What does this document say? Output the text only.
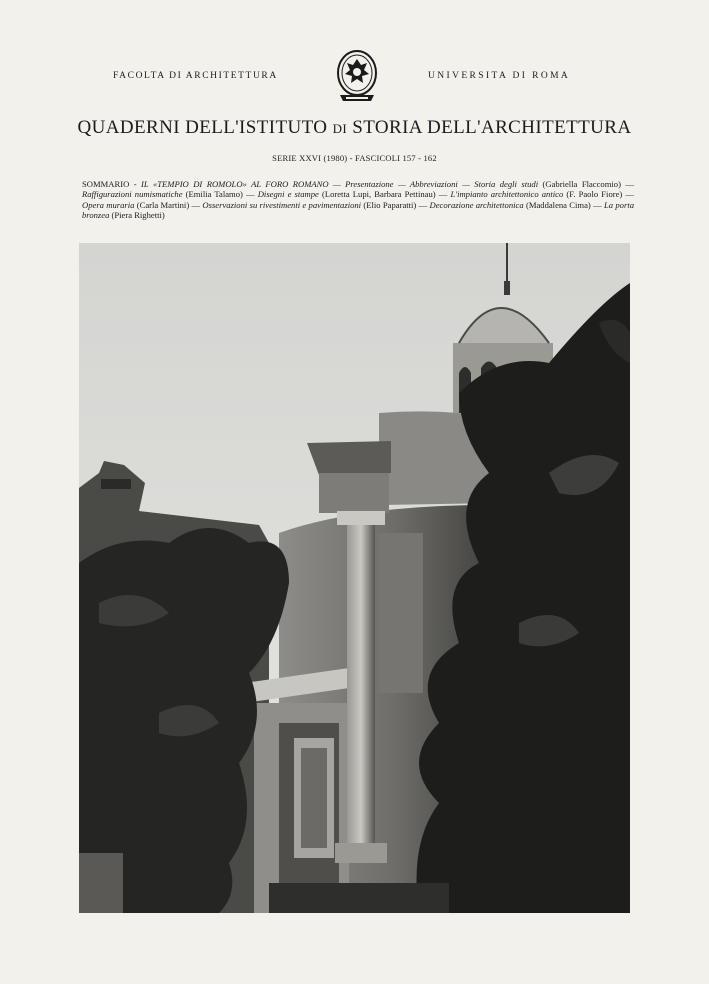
FACOLTA DI ARCHITETTURA	UNIVERSITA DI ROMA
QUADERNI DELL'ISTITUTO DI STORIA DELL'ARCHITETTURA
SERIE XXVI (1980) - FASCICOLI 157 - 162
SOMMARIO - IL «TEMPIO DI ROMOLO» AL FORO ROMANO — Presentazione — Abbreviazioni — Storia degli studi (Gabriella Flaccomio) — Raffigurazioni numismatiche (Emilia Talamo) — Disegni e stampe (Loretta Lupi, Barbara Pettinau) — L'impianto architettonico antico (F. Paolo Fiore) — Opera muraria (Carla Martini) — Osservazioni su rivestimenti e pavimentazioni (Elio Paparatti) — Decorazione architettonica (Maddalena Cima) — La porta bronzea (Piera Righetti)
